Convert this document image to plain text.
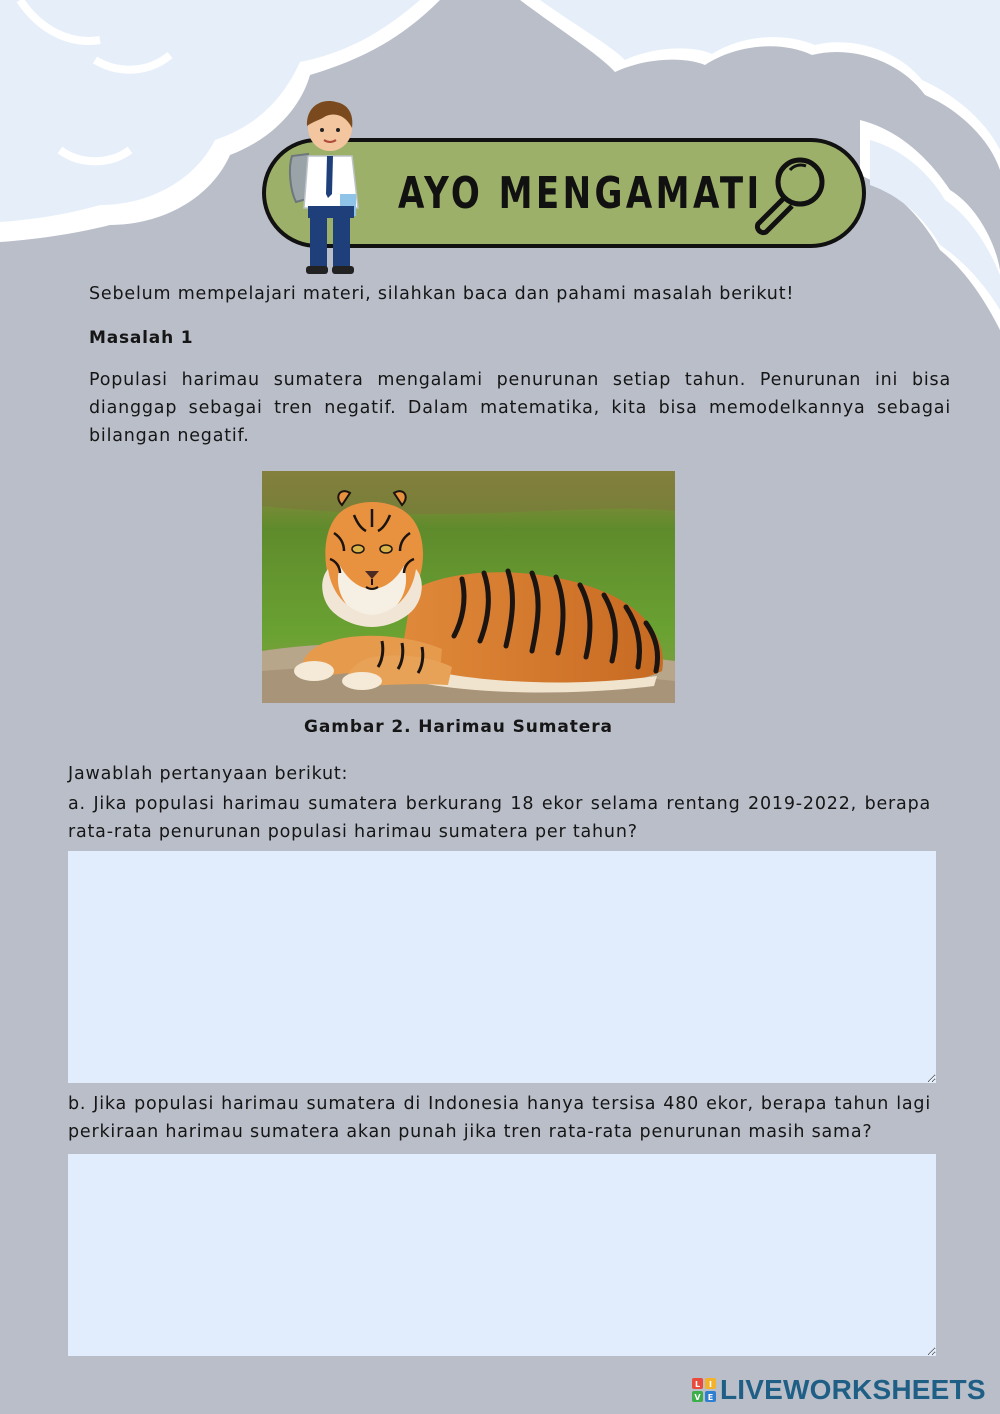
AYO MENGAMATI
Sebelum mempelajari materi, silahkan baca dan pahami masalah berikut!
Masalah 1
Populasi harimau sumatera mengalami penurunan setiap tahun. Penurunan ini bisa dianggap sebagai tren negatif. Dalam matematika, kita bisa memodelkannya sebagai bilangan negatif.
Gambar 2. Harimau Sumatera
Jawablah pertanyaan berikut:
a. Jika populasi harimau sumatera berkurang 18 ekor selama rentang 2019-2022, berapa rata-rata penurunan populasi harimau sumatera per tahun?
b. Jika populasi harimau sumatera di Indonesia hanya tersisa 480 ekor, berapa tahun lagi perkiraan harimau sumatera akan punah jika tren rata-rata penurunan masih sama?
L I
V E LIVEWORKSHEETS
